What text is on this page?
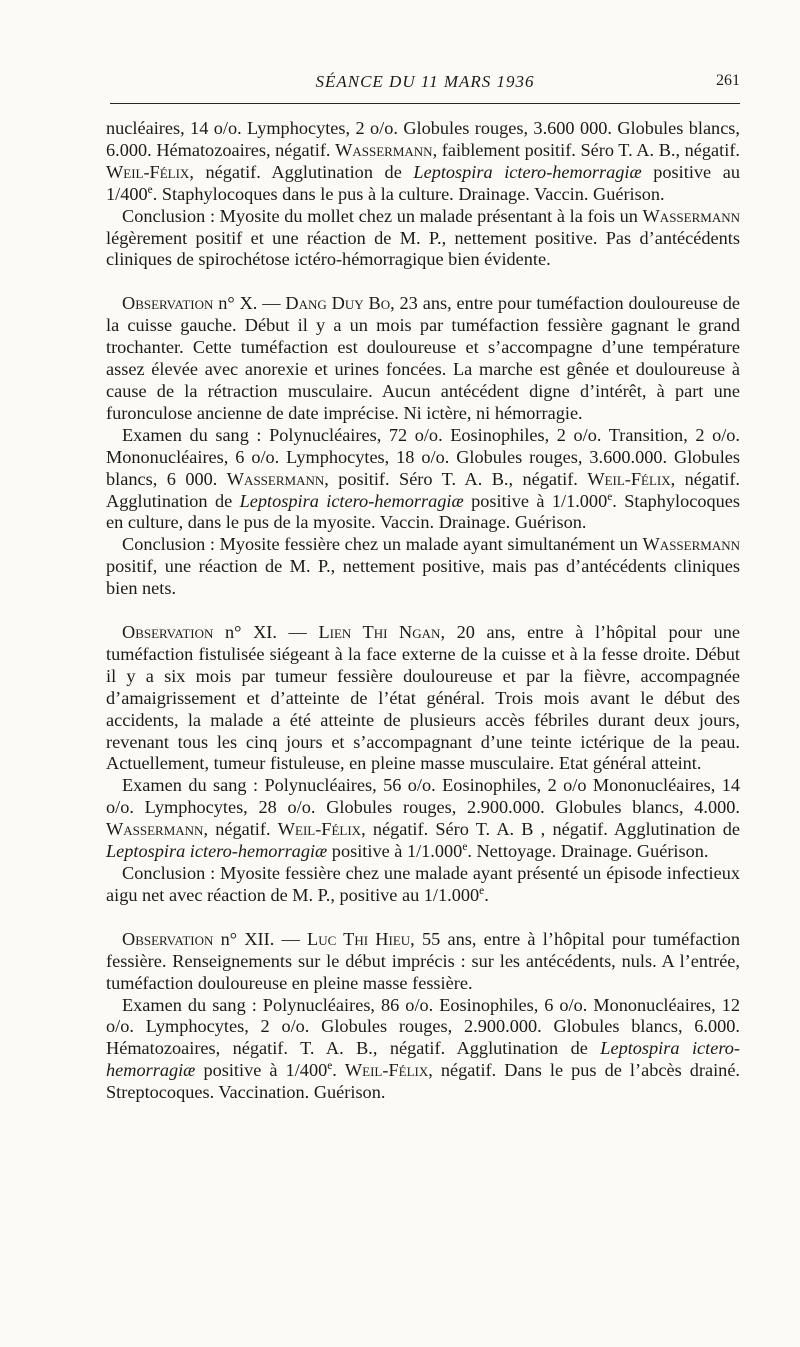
SÉANCE DU 11 MARS 1936	261

nucléaires, 14 o/o. Lymphocytes, 2 o/o. Globules rouges, 3.600 000. Globules blancs, 6.000. Hématozoaires, négatif. Wassermann, faiblement positif. Séro T. A. B., négatif. Weil-Félix, négatif. Agglutination de Leptospira ictero-hemorragiæ positive au 1/400e. Staphylocoques dans le pus à la culture. Drainage. Vaccin. Guérison.

Conclusion : Myosite du mollet chez un malade présentant à la fois un Wassermann légèrement positif et une réaction de M. P., nettement positive. Pas d’antécédents cliniques de spirochétose ictéro-hémorragique bien évidente.

Observation n° X. — Dang Duy Bo, 23 ans, entre pour tuméfaction douloureuse de la cuisse gauche. Début il y a un mois par tuméfaction fessière gagnant le grand trochanter. Cette tuméfaction est douloureuse et s’accompagne d’une température assez élevée avec anorexie et urines foncées. La marche est gênée et douloureuse à cause de la rétraction musculaire. Aucun antécédent digne d’intérêt, à part une furonculose ancienne de date imprécise. Ni ictère, ni hémorragie.

Examen du sang : Polynucléaires, 72 o/o. Eosinophiles, 2 o/o. Transition, 2 o/o. Mononucléaires, 6 o/o. Lymphocytes, 18 o/o. Globules rouges, 3.600.000. Globules blancs, 6 000. Wassermann, positif. Séro T. A. B., négatif. Weil-Félix, négatif. Agglutination de Leptospira ictero-hemorragiæ positive à 1/1.000e. Staphylocoques en culture, dans le pus de la myosite. Vaccin. Drainage. Guérison.

Conclusion : Myosite fessière chez un malade ayant simultanément un Wassermann positif, une réaction de M. P., nettement positive, mais pas d’antécédents cliniques bien nets.

Observation n° XI. — Lien Thi Ngan, 20 ans, entre à l’hôpital pour une tuméfaction fistulisée siégeant à la face externe de la cuisse et à la fesse droite. Début il y a six mois par tumeur fessière douloureuse et par la fièvre, accompagnée d’amaigrissement et d’atteinte de l’état général. Trois mois avant le début des accidents, la malade a été atteinte de plusieurs accès fébriles durant deux jours, revenant tous les cinq jours et s’accompagnant d’une teinte ictérique de la peau. Actuellement, tumeur fistuleuse, en pleine masse musculaire. Etat général atteint.

Examen du sang : Polynucléaires, 56 o/o. Eosinophiles, 2 o/o Mononucléaires, 14 o/o. Lymphocytes, 28 o/o. Globules rouges, 2.900.000. Globules blancs, 4.000. Wassermann, négatif. Weil-Félix, négatif. Séro T. A. B , négatif. Agglutination de Leptospira ictero-hemorragiæ positive à 1/1.000e. Nettoyage. Drainage. Guérison.

Conclusion : Myosite fessière chez une malade ayant présenté un épisode infectieux aigu net avec réaction de M. P., positive au 1/1.000e.

Observation n° XII. — Luc Thi Hieu, 55 ans, entre à l’hôpital pour tuméfaction fessière. Renseignements sur le début imprécis : sur les antécédents, nuls. A l’entrée, tuméfaction douloureuse en pleine masse fessière.

Examen du sang : Polynucléaires, 86 o/o. Eosinophiles, 6 o/o. Mononucléaires, 12 o/o. Lymphocytes, 2 o/o. Globules rouges, 2.900.000. Globules blancs, 6.000. Hématozoaires, négatif. T. A. B., négatif. Agglutination de Leptospira ictero-hemorragiæ positive à 1/400e. Weil-Félix, négatif. Dans le pus de l’abcès drainé. Streptocoques. Vaccination. Guérison.
